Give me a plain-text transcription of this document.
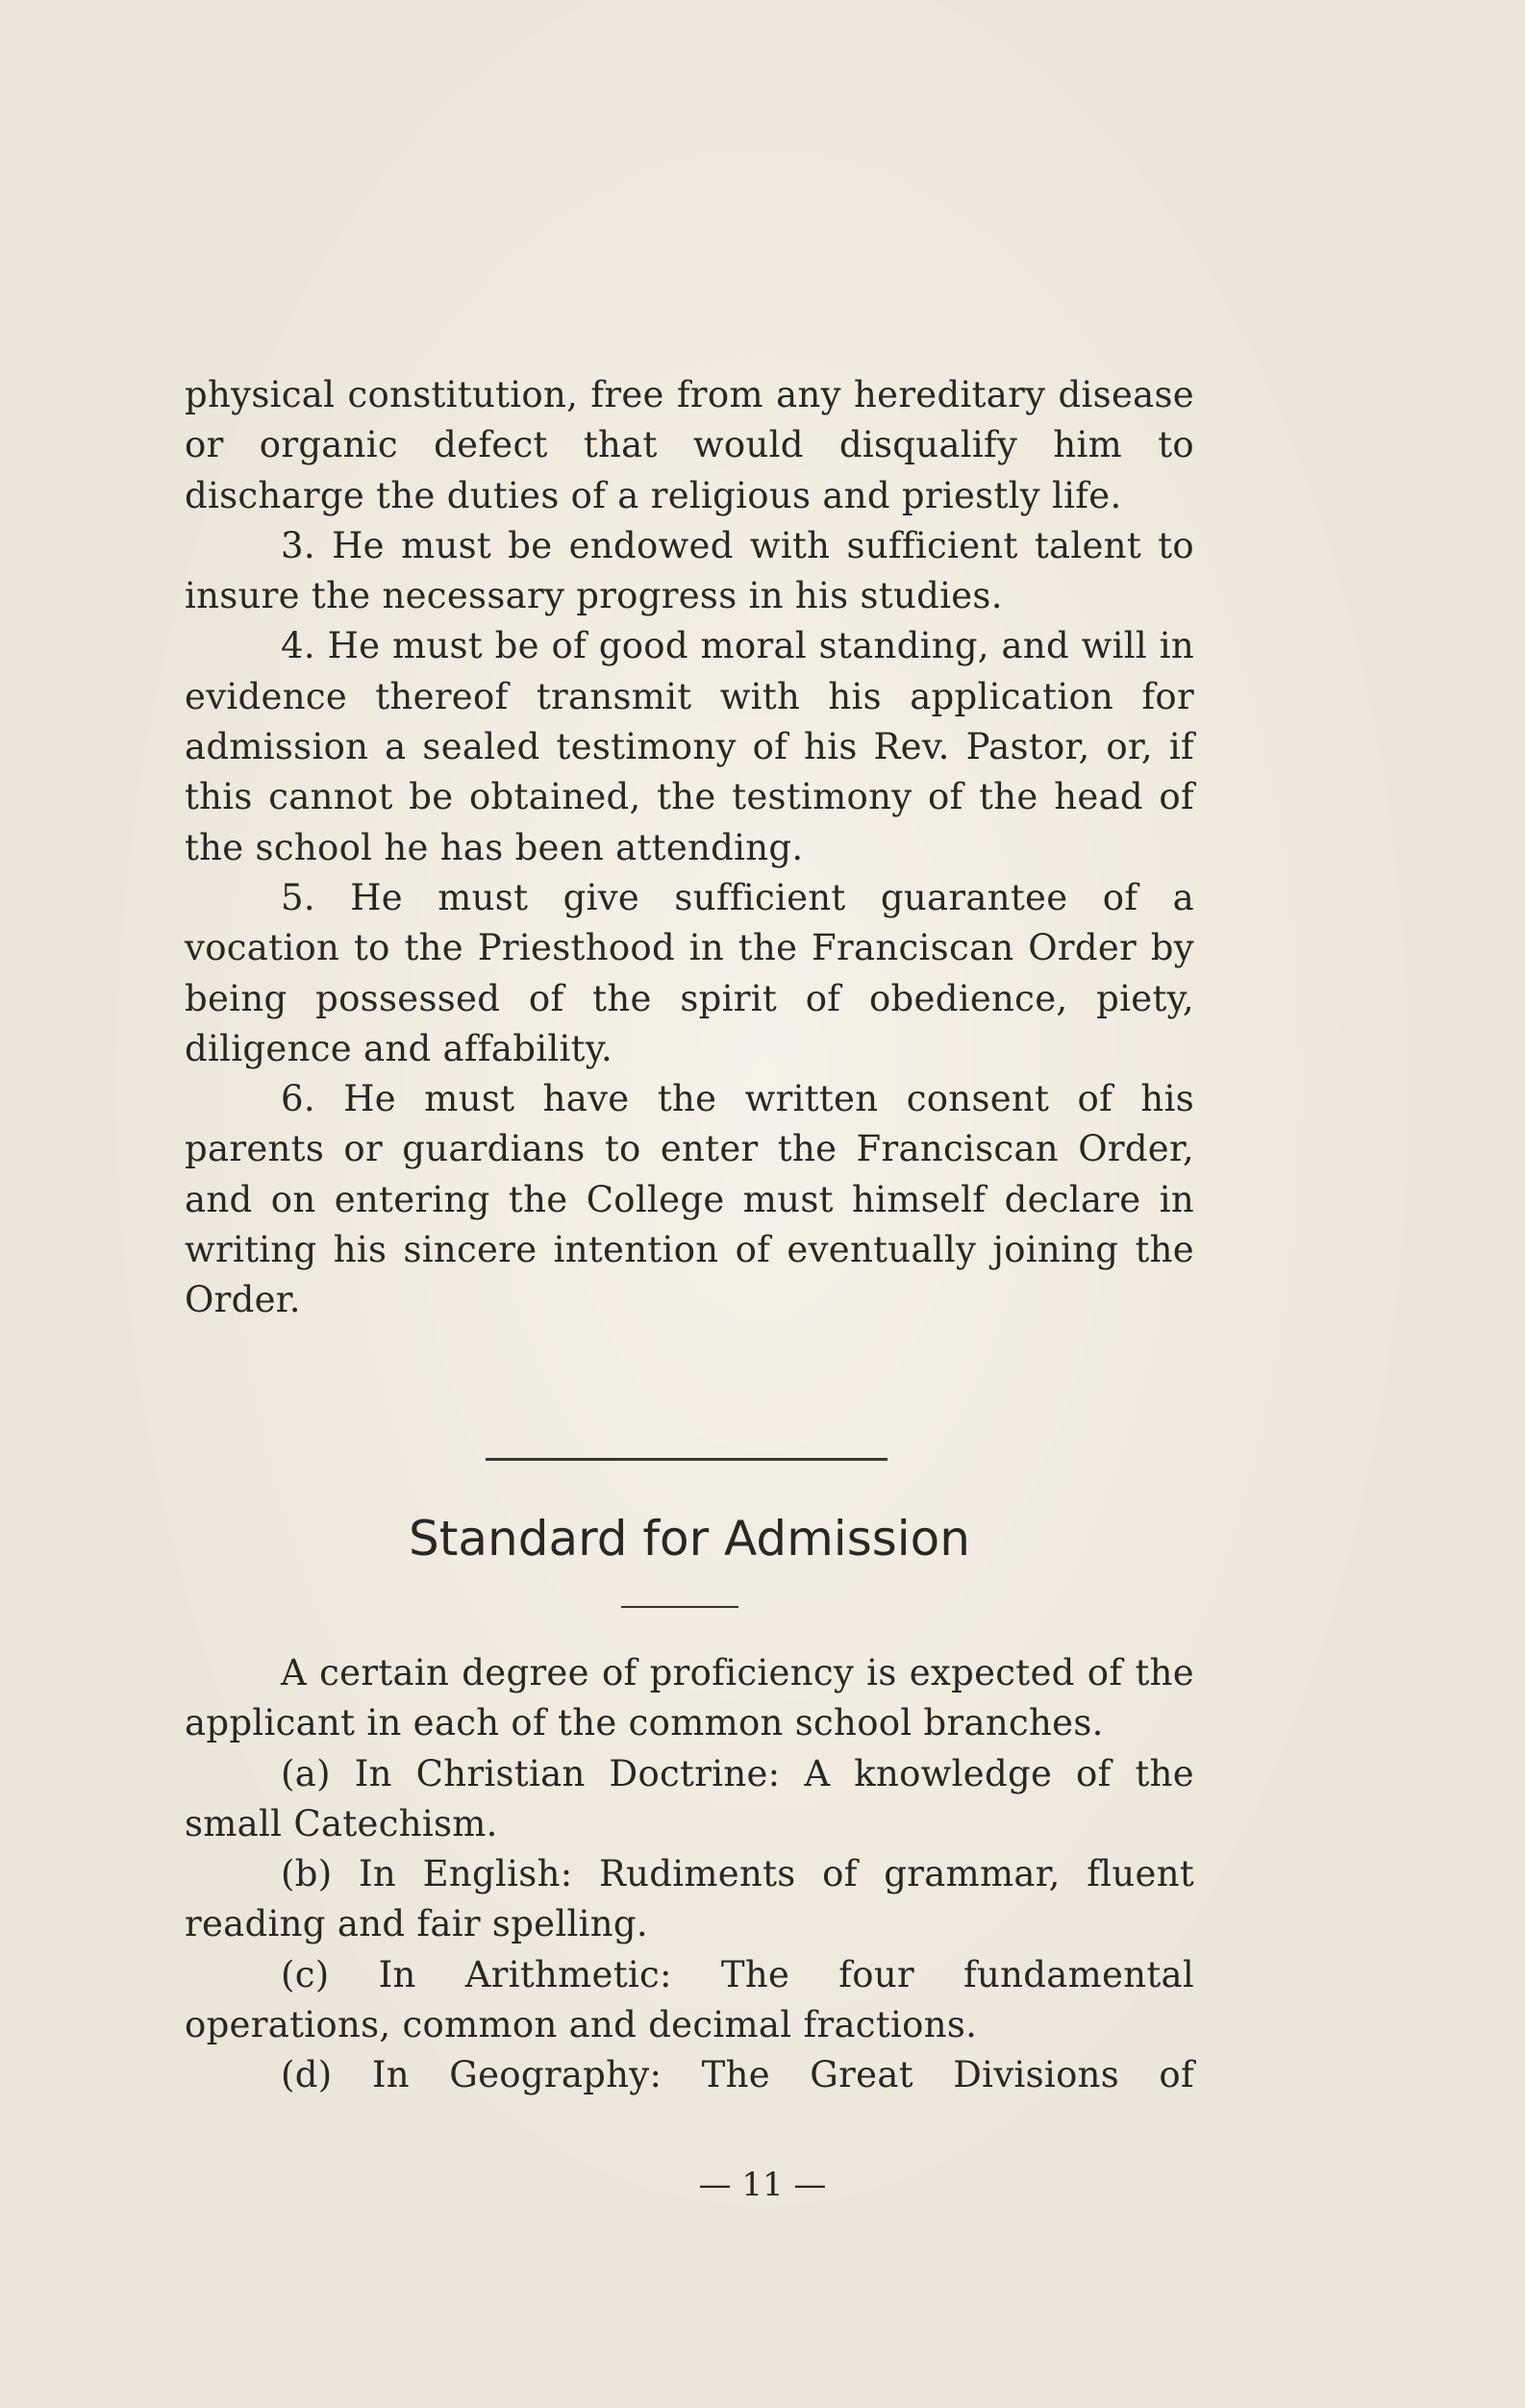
physical constitution, free from any hereditary disease or organic defect that would disqualify him to discharge the duties of a religious and priestly life.

3. He must be endowed with sufficient talent to insure the necessary progress in his studies.

4. He must be of good moral standing, and will in evidence thereof transmit with his application for admission a sealed testimony of his Rev. Pastor, or, if this cannot be obtained, the testimony of the head of the school he has been attending.

5. He must give sufficient guarantee of a vocation to the Priesthood in the Franciscan Order by being possessed of the spirit of obedience, piety, diligence and affability.

6. He must have the written consent of his parents or guardians to enter the Franciscan Order, and on entering the College must himself declare in writing his sincere intention of eventually joining the Order.

Standard for Admission

A certain degree of proficiency is expected of the applicant in each of the common school branches.

(a) In Christian Doctrine: A knowledge of the small Catechism.

(b) In English: Rudiments of grammar, fluent reading and fair spelling.

(c) In Arithmetic: The four fundamental operations, common and decimal fractions.

(d) In Geography: The Great Divisions of

— 11 —
